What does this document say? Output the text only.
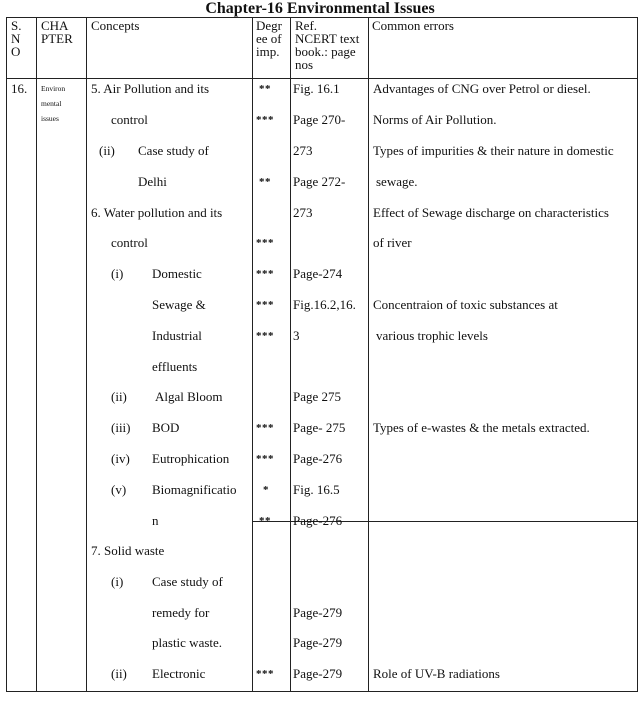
Chapter-16 Environmental Issues
S.
N
O
CHA
PTER
Concepts	Degr
ee of
imp.
Ref.
NCERT text
book.: page
nos
Common errors
16. Environ
mental
issues
5. Air Pollution and its
control
(ii) Case study of
Delhi
6. Water pollution and its
control
(i) Domestic
Sewage &
Industrial
effluents
(ii) Algal Bloom
(iii) BOD
(iv) Eutrophication
(v) Biomagnificatio
n
7. Solid waste
(i) Case study of
remedy for
plastic waste.
(ii) Electronic
**
***
**
***
***
***
***
***
***
*
**
***
Fig. 16.1
Page 270-
273
Page 272-
273
Page-274
Fig.16.2,16.
3
Page 275
Page- 275
Page-276
Fig. 16.5
Page-276
Page-279
Page-279
Page-279
Advantages of CNG over Petrol or diesel.
Norms of Air Pollution.
Types of impurities & their nature in domestic
sewage.
Effect of Sewage discharge on characteristics
of river
Concentraion of toxic substances at
various trophic levels
Types of e-wastes & the metals extracted.
Role of UV-B radiations
